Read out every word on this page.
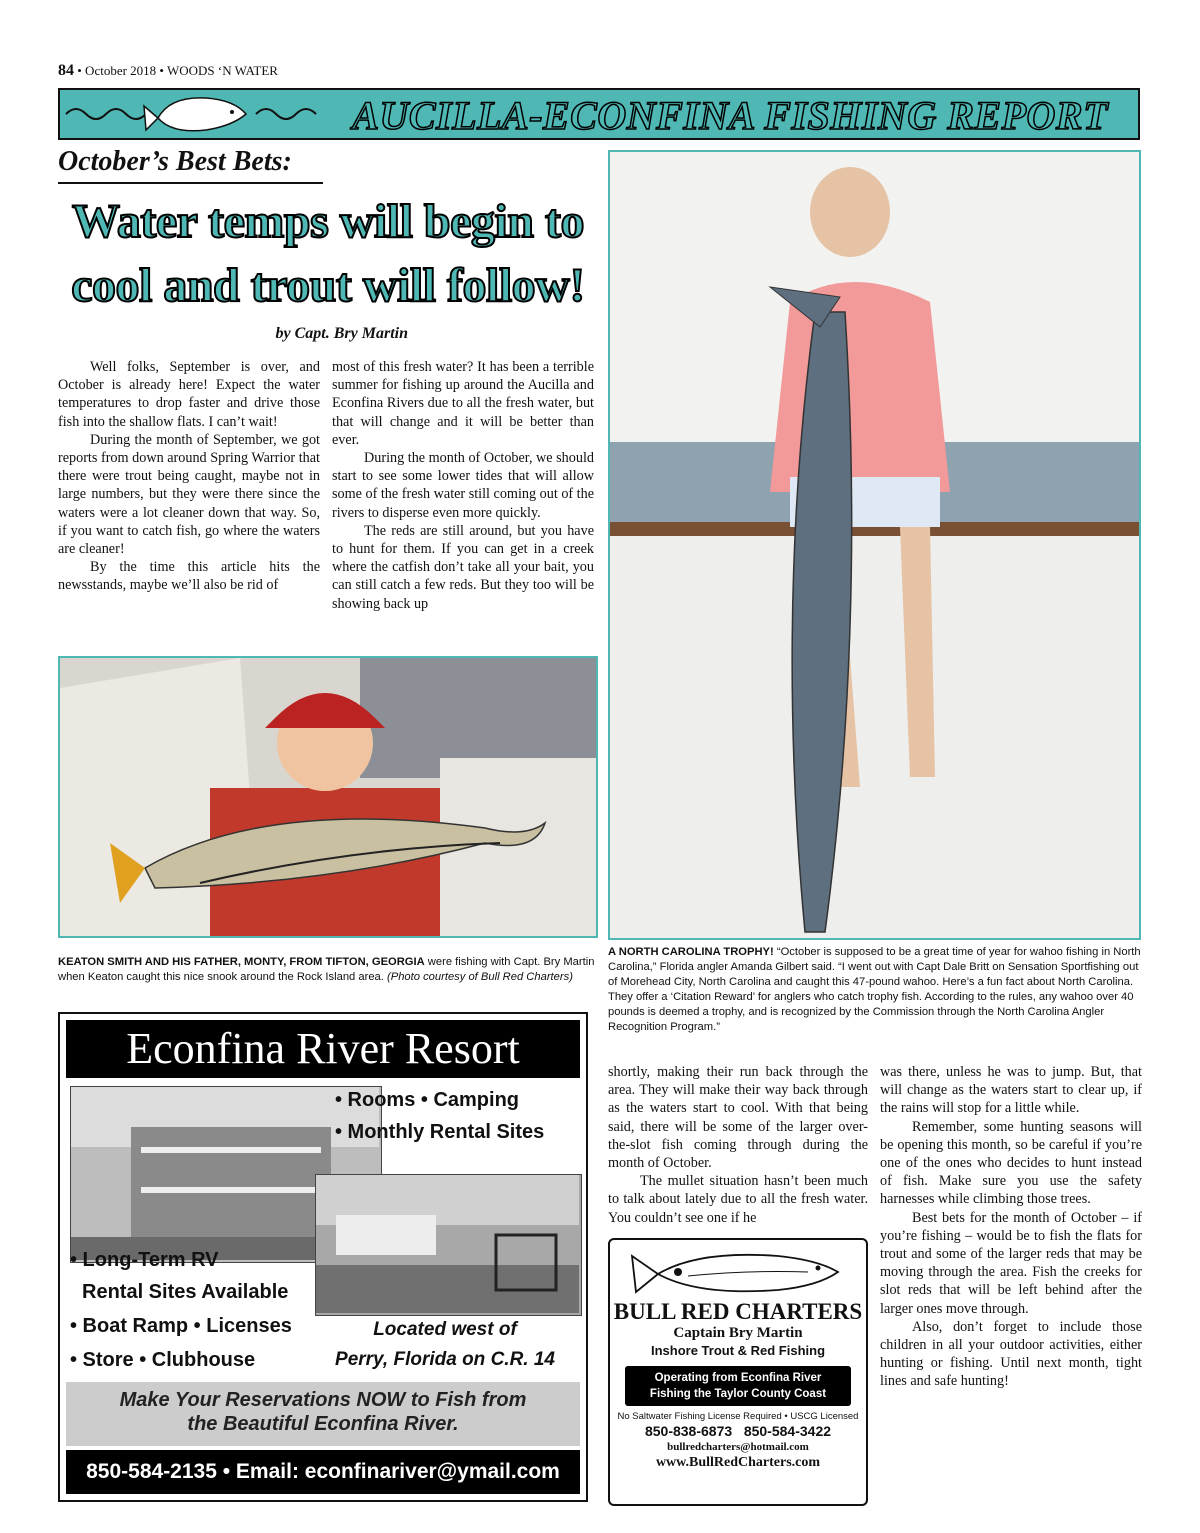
84 • October 2018 • WOODS ‘N WATER
AUCILLA-ECONFINA FISHING REPORT
October’s Best Bets:
Water temps will begin to
cool and trout will follow!
by Capt. Bry Martin

Well folks, September is over, and October is already here! Expect the water temperatures to drop faster and drive those fish into the shallow flats. I can’t wait!

During the month of September, we got reports from down around Spring Warrior that there were trout being caught, maybe not in large numbers, but they were there since the waters were a lot cleaner down that way. So, if you want to catch fish, go where the waters are cleaner!

By the time this article hits the newsstands, maybe we’ll also be rid of

most of this fresh water? It has been a terrible summer for fishing up around the Aucilla and Econfina Rivers due to all the fresh water, but that will change and it will be better than ever.

During the month of October, we should start to see some lower tides that will allow some of the fresh water still coming out of the rivers to disperse even more quickly.

The reds are still around, but you have to hunt for them. If you can get in a creek where the catfish don’t take all your bait, you can still catch a few reds. But they too will be showing back up

KEATON SMITH AND HIS FATHER, MONTY, FROM TIFTON, GEORGIA were fishing with Capt. Bry Martin when Keaton caught this nice snook around the Rock Island area. (Photo courtesy of Bull Red Charters)
A NORTH CAROLINA TROPHY! “October is supposed to be a great time of year for wahoo fishing in North Carolina,” Florida angler Amanda Gilbert said. “I went out with Capt Dale Britt on Sensation Sportfishing out of Morehead City, North Carolina and caught this 47-pound wahoo. Here’s a fun fact about North Carolina. They offer a ‘Citation Reward’ for anglers who catch trophy fish. According to the rules, any wahoo over 40 pounds is deemed a trophy, and is recognized by the Commission through the North Carolina Angler Recognition Program.”

shortly, making their run back through the area. They will make their way back through as the waters start to cool. With that being said, there will be some of the larger over-the-slot fish coming through during the month of October.

The mullet situation hasn’t been much to talk about lately due to all the fresh water. You couldn’t see one if he

was there, unless he was to jump. But, that will change as the waters start to clear up, if the rains will stop for a little while.

Remember, some hunting seasons will be opening this month, so be careful if you’re one of the ones who decides to hunt instead of fish. Make sure you use the safety harnesses while climbing those trees.

Best bets for the month of October – if you’re fishing – would be to fish the flats for trout and some of the larger reds that may be moving through the area. Fish the creeks for slot reds that will be left behind after the larger ones move through.

Also, don’t forget to include those children in all your outdoor activities, either hunting or fishing. Until next month, tight lines and safe hunting!

Econfina River Resort
• Rooms • Camping
• Monthly Rental Sites
• Long-Term RV
Rental Sites Available
• Boat Ramp • Licenses
• Store • Clubhouse
Located west of
Perry, Florida on C.R. 14
Make Your Reservations NOW to Fish from
the Beautiful Econfina River.
850-584-2135 • Email: econfinariver@ymail.com
BULL RED CHARTERS
Captain Bry Martin
Inshore Trout & Red Fishing
Operating from Econfina River
Fishing the Taylor County Coast
No Saltwater Fishing License Required • USCG Licensed
850-838-6873 850-584-3422
bullredcharters@hotmail.com
www.BullRedCharters.com
